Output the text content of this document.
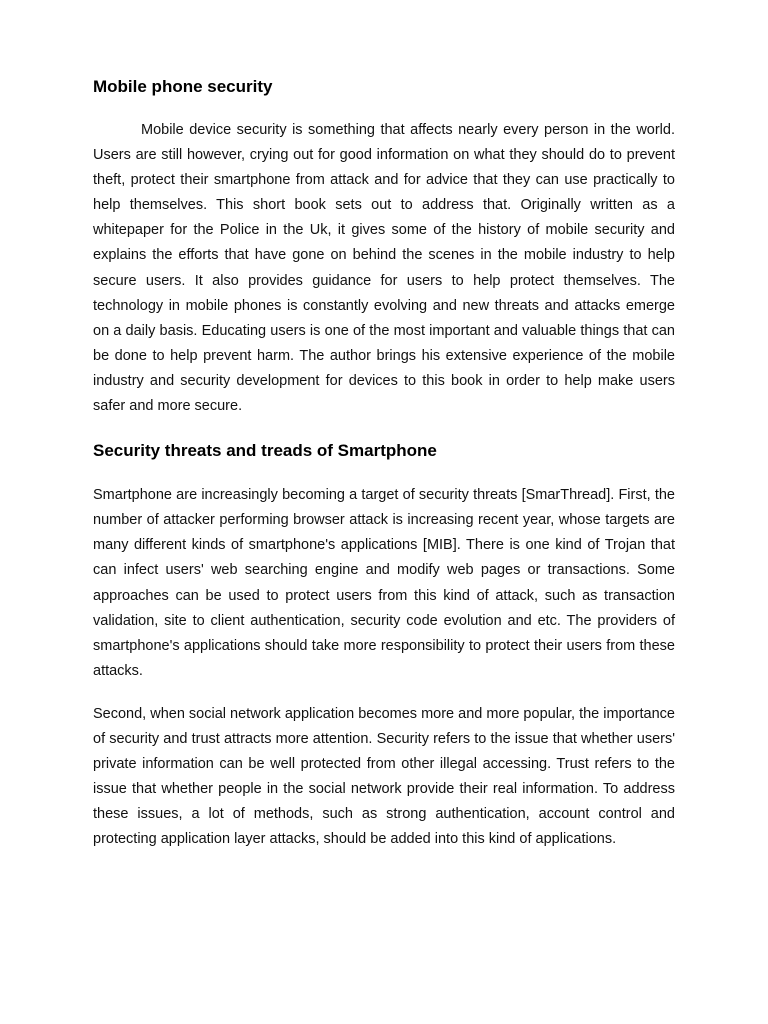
Mobile phone security

Mobile device security is something that affects nearly every person in the world. Users are still however, crying out for good information on what they should do to prevent theft, protect their smartphone from attack and for advice that they can use practically to help themselves. This short book sets out to address that. Originally written as a whitepaper for the Police in the Uk, it gives some of the history of mobile security and explains the efforts that have gone on behind the scenes in the mobile industry to help secure users. It also provides guidance for users to help protect themselves. The technology in mobile phones is constantly evolving and new threats and attacks emerge on a daily basis. Educating users is one of the most important and valuable things that can be done to help prevent harm. The author brings his extensive experience of the mobile industry and security development for devices to this book in order to help make users safer and more secure.

Security threats and treads of Smartphone

Smartphone are increasingly becoming a target of security threats [SmarThread]. First, the number of attacker performing browser attack is increasing recent year, whose targets are many different kinds of smartphone's applications [MIB]. There is one kind of Trojan that can infect users' web searching engine and modify web pages or transactions. Some approaches can be used to protect users from this kind of attack, such as transaction validation, site to client authentication, security code evolution and etc. The providers of smartphone's applications should take more responsibility to protect their users from these attacks.

Second, when social network application becomes more and more popular, the importance of security and trust attracts more attention. Security refers to the issue that whether users' private information can be well protected from other illegal accessing. Trust refers to the issue that whether people in the social network provide their real information. To address these issues, a lot of methods, such as strong authentication, account control and protecting application layer attacks, should be added into this kind of applications.
